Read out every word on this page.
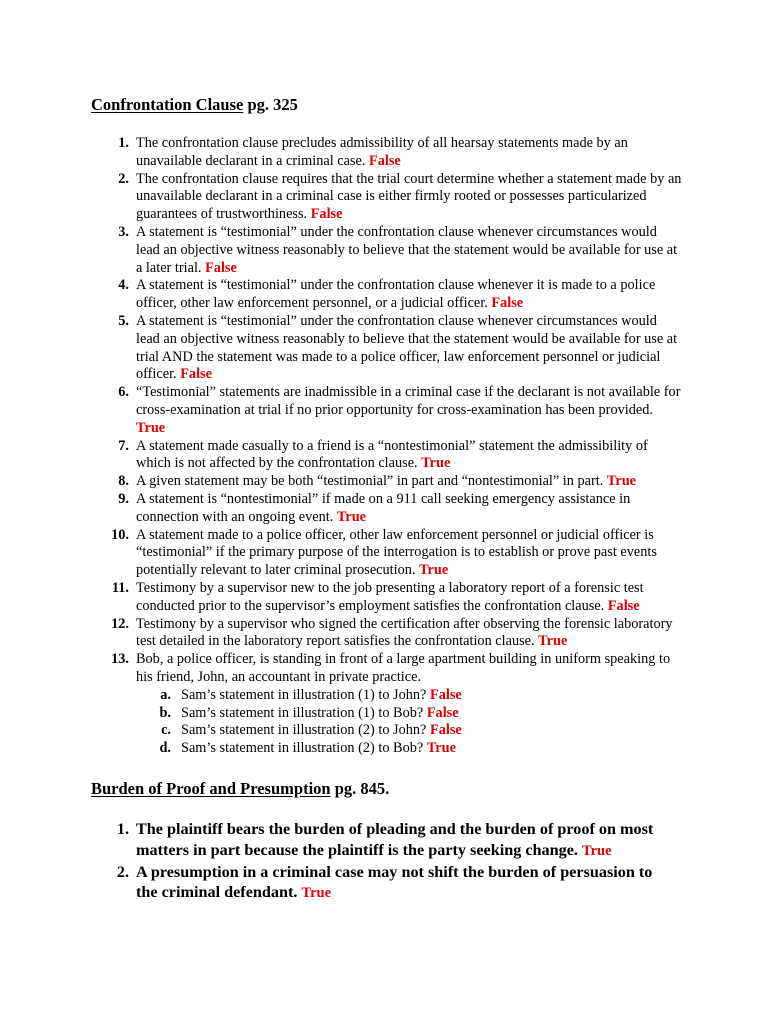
Confrontation Clause pg. 325
1. The confrontation clause precludes admissibility of all hearsay statements made by an unavailable declarant in a criminal case. False
2. The confrontation clause requires that the trial court determine whether a statement made by an unavailable declarant in a criminal case is either firmly rooted or possesses particularized guarantees of trustworthiness. False
3. A statement is “testimonial” under the confrontation clause whenever circumstances would lead an objective witness reasonably to believe that the statement would be available for use at a later trial. False
4. A statement is “testimonial” under the confrontation clause whenever it is made to a police officer, other law enforcement personnel, or a judicial officer. False
5. A statement is “testimonial” under the confrontation clause whenever circumstances would lead an objective witness reasonably to believe that the statement would be available for use at trial AND the statement was made to a police officer, law enforcement personnel or judicial officer. False
6. “Testimonial” statements are inadmissible in a criminal case if the declarant is not available for cross-examination at trial if no prior opportunity for cross-examination has been provided. True
7. A statement made casually to a friend is a “nontestimonial” statement the admissibility of which is not affected by the confrontation clause. True
8. A given statement may be both “testimonial” in part and “nontestimonial” in part. True
9. A statement is “nontestimonial” if made on a 911 call seeking emergency assistance in connection with an ongoing event. True
10. A statement made to a police officer, other law enforcement personnel or judicial officer is “testimonial” if the primary purpose of the interrogation is to establish or prove past events potentially relevant to later criminal prosecution. True
11. Testimony by a supervisor new to the job presenting a laboratory report of a forensic test conducted prior to the supervisor’s employment satisfies the confrontation clause. False
12. Testimony by a supervisor who signed the certification after observing the forensic laboratory test detailed in the laboratory report satisfies the confrontation clause. True
13. Bob, a police officer, is standing in front of a large apartment building in uniform speaking to his friend, John, an accountant in private practice.
a. Sam’s statement in illustration (1) to John? False
b. Sam’s statement in illustration (1) to Bob? False
c. Sam’s statement in illustration (2) to John? False
d. Sam’s statement in illustration (2) to Bob? True
Burden of Proof and Presumption pg. 845.
1. The plaintiff bears the burden of pleading and the burden of proof on most matters in part because the plaintiff is the party seeking change. True
2. A presumption in a criminal case may not shift the burden of persuasion to the criminal defendant. True
